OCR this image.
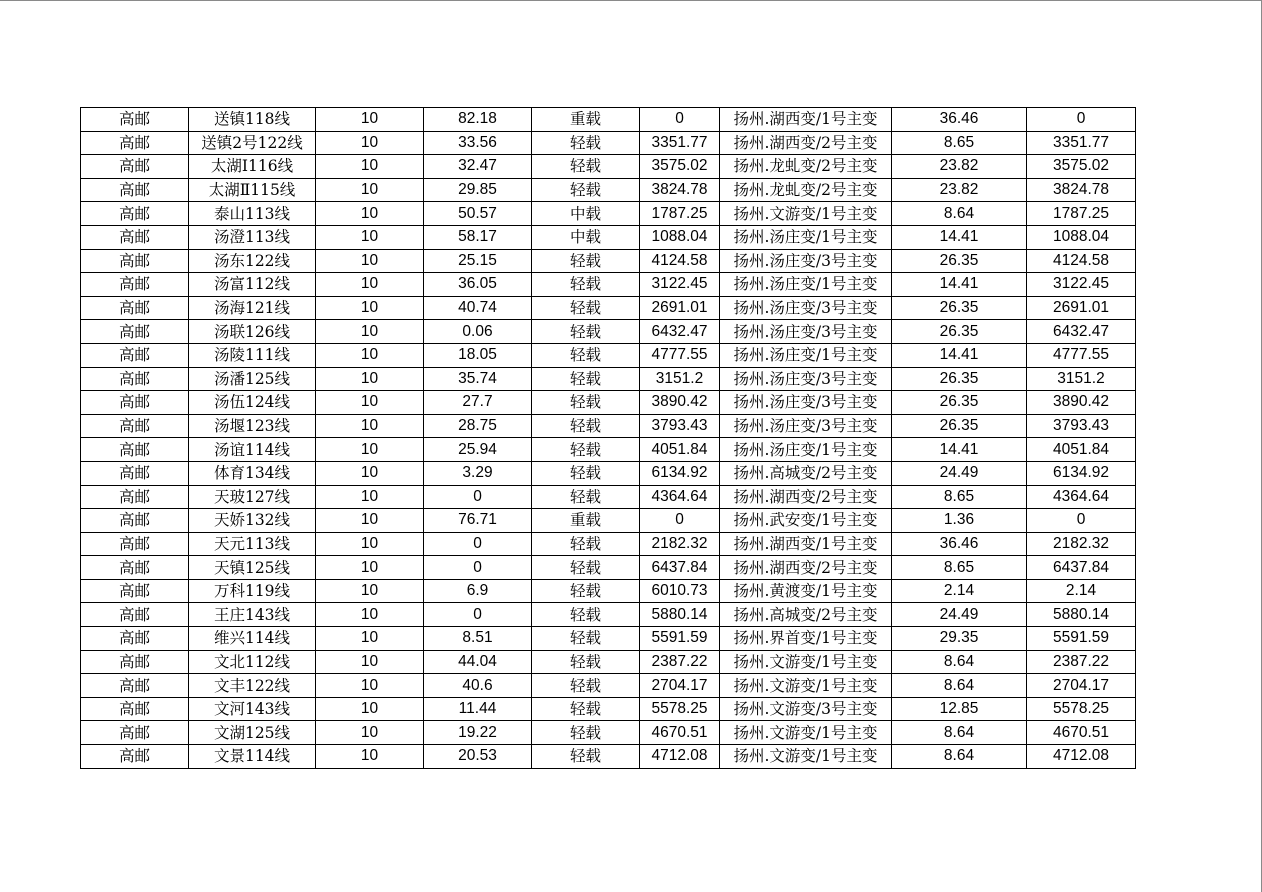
高邮	送镇118线	10	82.18	重载	0	扬州.湖西变/1号主变	36.46	0
高邮	送镇2号122线	10	33.56	轻载	3351.77	扬州.湖西变/2号主变	8.65	3351.77
高邮	太湖Ⅰ116线	10	32.47	轻载	3575.02	扬州.龙虬变/2号主变	23.82	3575.02
高邮	太湖Ⅱ115线	10	29.85	轻载	3824.78	扬州.龙虬变/2号主变	23.82	3824.78
高邮	泰山113线	10	50.57	中载	1787.25	扬州.文游变/1号主变	8.64	1787.25
高邮	汤澄113线	10	58.17	中载	1088.04	扬州.汤庄变/1号主变	14.41	1088.04
高邮	汤东122线	10	25.15	轻载	4124.58	扬州.汤庄变/3号主变	26.35	4124.58
高邮	汤富112线	10	36.05	轻载	3122.45	扬州.汤庄变/1号主变	14.41	3122.45
高邮	汤海121线	10	40.74	轻载	2691.01	扬州.汤庄变/3号主变	26.35	2691.01
高邮	汤联126线	10	0.06	轻载	6432.47	扬州.汤庄变/3号主变	26.35	6432.47
高邮	汤陵111线	10	18.05	轻载	4777.55	扬州.汤庄变/1号主变	14.41	4777.55
高邮	汤潘125线	10	35.74	轻载	3151.2	扬州.汤庄变/3号主变	26.35	3151.2
高邮	汤伍124线	10	27.7	轻载	3890.42	扬州.汤庄变/3号主变	26.35	3890.42
高邮	汤堰123线	10	28.75	轻载	3793.43	扬州.汤庄变/3号主变	26.35	3793.43
高邮	汤谊114线	10	25.94	轻载	4051.84	扬州.汤庄变/1号主变	14.41	4051.84
高邮	体育134线	10	3.29	轻载	6134.92	扬州.高城变/2号主变	24.49	6134.92
高邮	天玻127线	10	0	轻载	4364.64	扬州.湖西变/2号主变	8.65	4364.64
高邮	天娇132线	10	76.71	重载	0	扬州.武安变/1号主变	1.36	0
高邮	天元113线	10	0	轻载	2182.32	扬州.湖西变/1号主变	36.46	2182.32
高邮	天镇125线	10	0	轻载	6437.84	扬州.湖西变/2号主变	8.65	6437.84
高邮	万科119线	10	6.9	轻载	6010.73	扬州.黄渡变/1号主变	2.14	2.14
高邮	王庄143线	10	0	轻载	5880.14	扬州.高城变/2号主变	24.49	5880.14
高邮	维兴114线	10	8.51	轻载	5591.59	扬州.界首变/1号主变	29.35	5591.59
高邮	文北112线	10	44.04	轻载	2387.22	扬州.文游变/1号主变	8.64	2387.22
高邮	文丰122线	10	40.6	轻载	2704.17	扬州.文游变/1号主变	8.64	2704.17
高邮	文河143线	10	11.44	轻载	5578.25	扬州.文游变/3号主变	12.85	5578.25
高邮	文湖125线	10	19.22	轻载	4670.51	扬州.文游变/1号主变	8.64	4670.51
高邮	文景114线	10	20.53	轻载	4712.08	扬州.文游变/1号主变	8.64	4712.08
